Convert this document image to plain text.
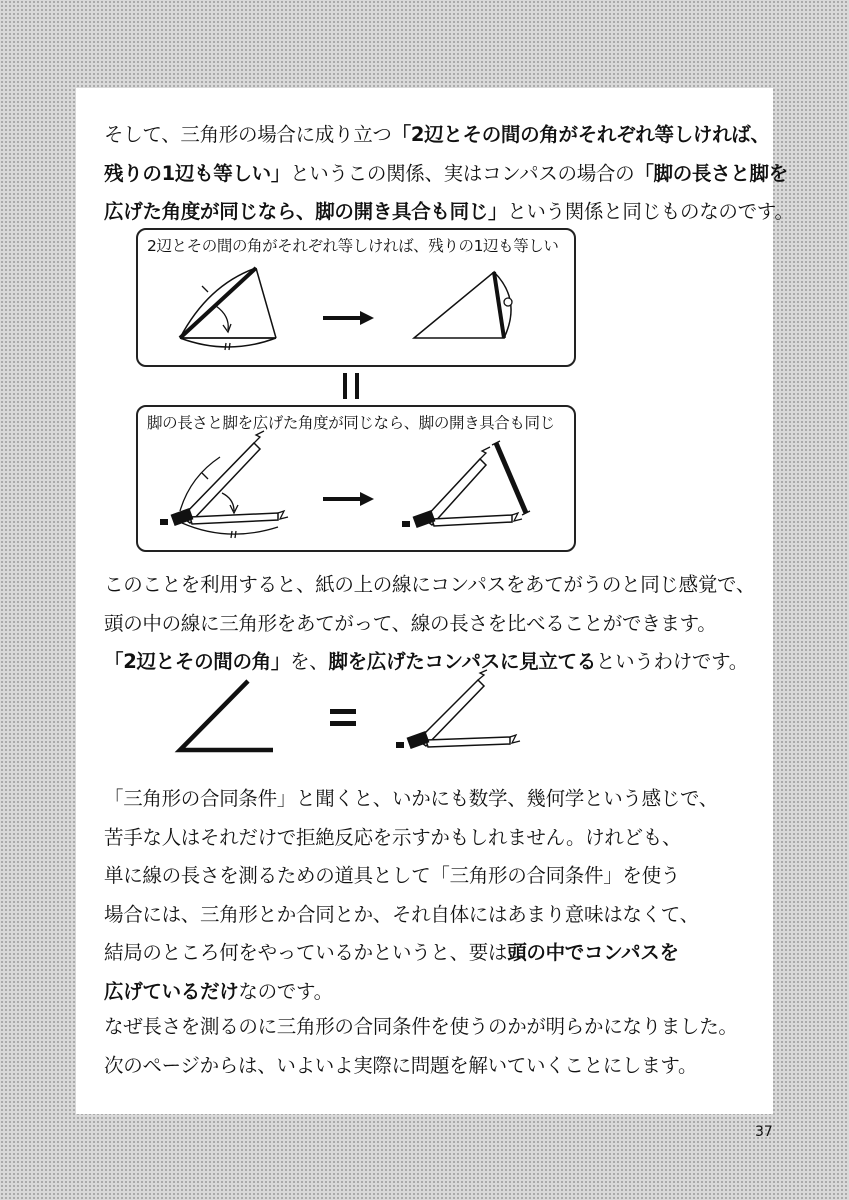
そして、三角形の場合に成り立つ「2辺とその間の角がそれぞれ等しければ、
残りの1辺も等しい」というこの関係、実はコンパスの場合の「脚の長さと脚を
広げた角度が同じなら、脚の開き具合も同じ」という関係と同じものなのです。

2辺とその間の角がそれぞれ等しければ、残りの1辺も等しい

脚の長さと脚を広げた角度が同じなら、脚の開き具合も同じ

このことを利用すると、紙の上の線にコンパスをあてがうのと同じ感覚で、
頭の中の線に三角形をあてがって、線の長さを比べることができます。
「2辺とその間の角」を、脚を広げたコンパスに見立てるというわけです。

「三角形の合同条件」と聞くと、いかにも数学、幾何学という感じで、
苦手な人はそれだけで拒絶反応を示すかもしれません。けれども、
単に線の長さを測るための道具として「三角形の合同条件」を使う
場合には、三角形とか合同とか、それ自体にはあまり意味はなくて、
結局のところ何をやっているかというと、要は頭の中でコンパスを
広げているだけなのです。

なぜ長さを測るのに三角形の合同条件を使うのかが明らかになりました。
次のページからは、いよいよ実際に問題を解いていくことにします。

37
